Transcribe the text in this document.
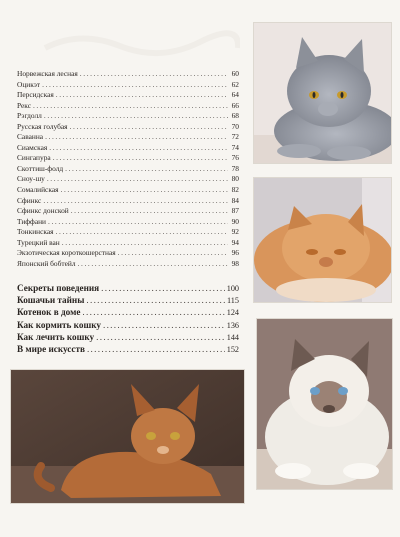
Норвежская лесная .....	60
Оцикэт .....	62
Персидская .....	64
Рекс .....	66
Рэгдолл .....	68
Русская голубая .....	70
Саванна .....	72
Сиамская .....	74
Сингапура .....	76
Скоттиш-фолд .....	78
Сноу-шу .....	80
Сомалийская .....	82
Сфинкс .....	84
Сфинкс донской .....	87
Тиффани .....	90
Тонкинская .....	92
Турецкий ван .....	94
Экзотическая короткошерстная .....	96
Японский бобтейл .....	98
Секреты поведения .....	100
Кошачьи тайны .....	115
Котенок в доме .....	124
Как кормить кошку .....	136
Как лечить кошку .....	144
В мире искусств .....	152
